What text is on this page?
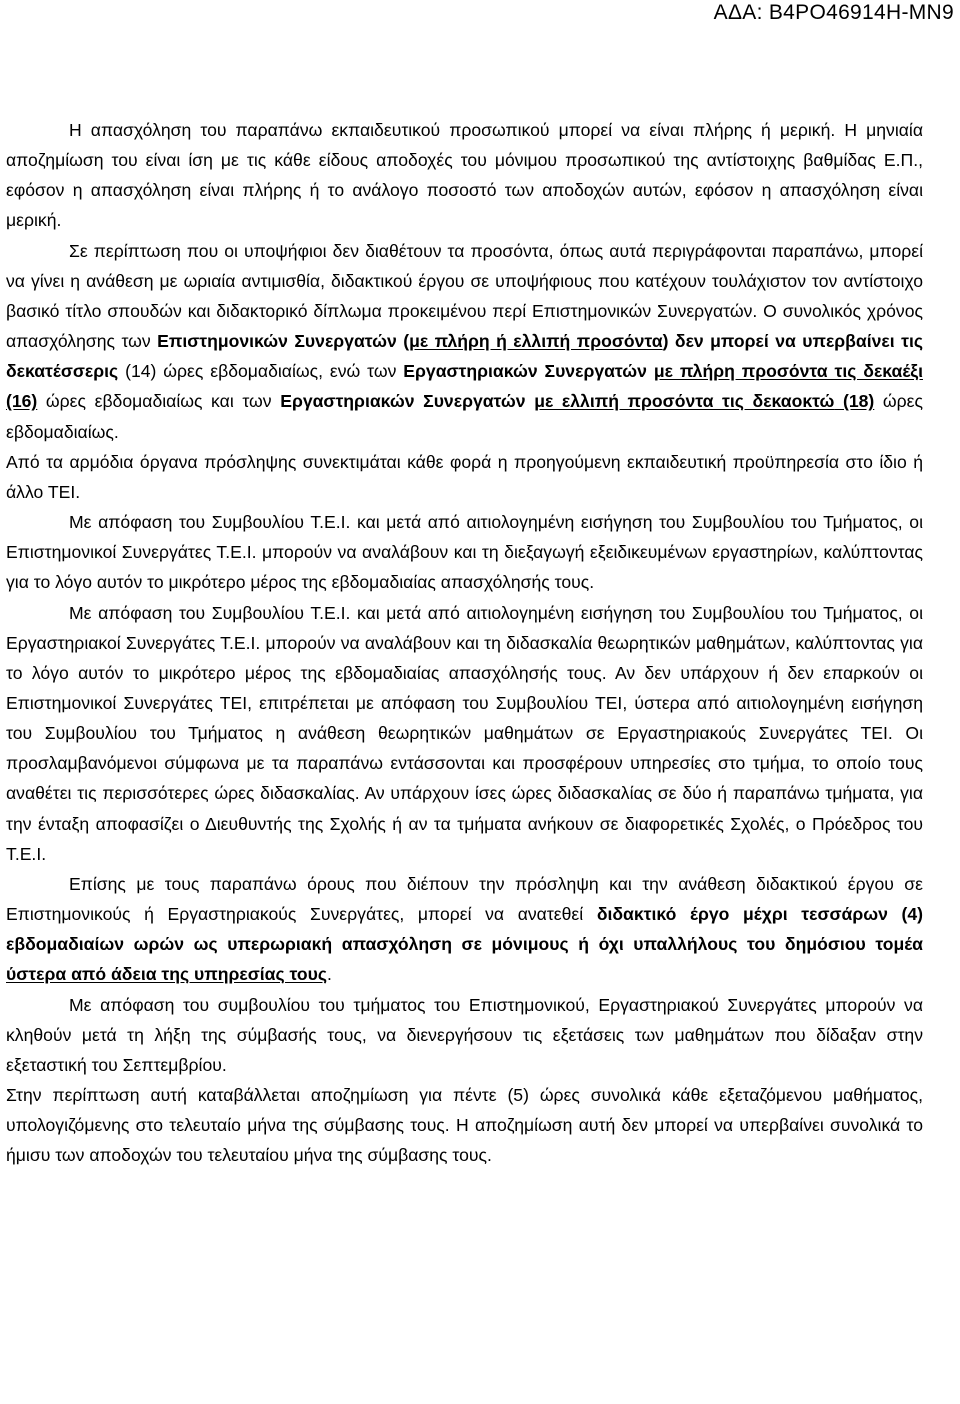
ΑΔΑ: Β4ΡΟ46914Η-ΜΝ9

Η απασχόληση του παραπάνω εκπαιδευτικού προσωπικού μπορεί να είναι πλήρης ή μερική. Η μηνιαία αποζημίωση του είναι ίση με τις κάθε είδους αποδοχές του μόνιμου προσωπικού της αντίστοιχης βαθμίδας Ε.Π., εφόσον η απασχόληση είναι πλήρης ή το ανάλογο ποσοστό των αποδοχών αυτών, εφόσον η απασχόληση είναι μερική.

Σε περίπτωση που οι υποψήφιοι δεν διαθέτουν τα προσόντα, όπως αυτά περιγράφονται παραπάνω, μπορεί να γίνει η ανάθεση με ωριαία αντιμισθία, διδακτικού έργου σε υποψήφιους που κατέχουν τουλάχιστον τον αντίστοιχο βασικό τίτλο σπουδών και διδακτορικό δίπλωμα προκειμένου περί Επιστημονικών Συνεργατών. Ο συνολικός χρόνος απασχόλησης των Επιστημονικών Συνεργατών (με πλήρη ή ελλιπή προσόντα) δεν μπορεί να υπερβαίνει τις δεκατέσσερις (14) ώρες εβδομαδιαίως, ενώ των Εργαστηριακών Συνεργατών με πλήρη προσόντα τις δεκαέξι (16) ώρες εβδομαδιαίως και των Εργαστηριακών Συνεργατών με ελλιπή προσόντα τις δεκαοκτώ (18) ώρες εβδομαδιαίως.

Από τα αρμόδια όργανα πρόσληψης συνεκτιμάται κάθε φορά η προηγούμενη εκπαιδευτική προϋπηρεσία στο ίδιο ή άλλο ΤΕΙ.

Με απόφαση του Συμβουλίου Τ.Ε.Ι. και μετά από αιτιολογημένη εισήγηση του Συμβουλίου του Τμήματος, οι Επιστημονικοί Συνεργάτες Τ.Ε.Ι. μπορούν να αναλάβουν και τη διεξαγωγή εξειδικευμένων εργαστηρίων, καλύπτοντας για το λόγο αυτόν το μικρότερο μέρος της εβδομαδιαίας απασχόλησής τους.

Με απόφαση του Συμβουλίου Τ.Ε.Ι. και μετά από αιτιολογημένη εισήγηση του Συμβουλίου του Τμήματος, οι Εργαστηριακοί Συνεργάτες Τ.Ε.Ι. μπορούν να αναλάβουν και τη διδασκαλία θεωρητικών μαθημάτων, καλύπτοντας για το λόγο αυτόν το μικρότερο μέρος της εβδομαδιαίας απασχόλησής τους. Αν δεν υπάρχουν ή δεν επαρκούν οι Επιστημονικοί Συνεργάτες ΤΕΙ, επιτρέπεται με απόφαση του Συμβουλίου ΤΕΙ, ύστερα από αιτιολογημένη εισήγηση του Συμβουλίου του Τμήματος η ανάθεση θεωρητικών μαθημάτων σε Εργαστηριακούς Συνεργάτες ΤΕΙ. Οι προσλαμβανόμενοι σύμφωνα με τα παραπάνω εντάσσονται και προσφέρουν υπηρεσίες στο τμήμα, το οποίο τους αναθέτει τις περισσότερες ώρες διδασκαλίας. Αν υπάρχουν ίσες ώρες διδασκαλίας σε δύο ή παραπάνω τμήματα, για την ένταξη αποφασίζει ο Διευθυντής της Σχολής ή αν τα τμήματα ανήκουν σε διαφορετικές Σχολές, ο Πρόεδρος του Τ.Ε.Ι.

Επίσης με τους παραπάνω όρους που διέπουν την πρόσληψη και την ανάθεση διδακτικού έργου σε Επιστημονικούς ή Εργαστηριακούς Συνεργάτες, μπορεί να ανατεθεί διδακτικό έργο μέχρι τεσσάρων (4) εβδομαδιαίων ωρών ως υπερωριακή απασχόληση σε μόνιμους ή όχι υπαλλήλους του δημόσιου τομέα ύστερα από άδεια της υπηρεσίας τους.

Με απόφαση του συμβουλίου του τμήματος του Επιστημονικού, Εργαστηριακού Συνεργάτες μπορούν να κληθούν μετά τη λήξη της σύμβασής τους, να διενεργήσουν τις εξετάσεις των μαθημάτων που δίδαξαν στην εξεταστική του Σεπτεμβρίου.

Στην περίπτωση αυτή καταβάλλεται αποζημίωση για πέντε (5) ώρες συνολικά κάθε εξεταζόμενου μαθήματος, υπολογιζόμενης στο τελευταίο μήνα της σύμβασης τους. Η αποζημίωση αυτή δεν μπορεί να υπερβαίνει συνολικά το ήμισυ των αποδοχών του τελευταίου μήνα της σύμβασης τους.
